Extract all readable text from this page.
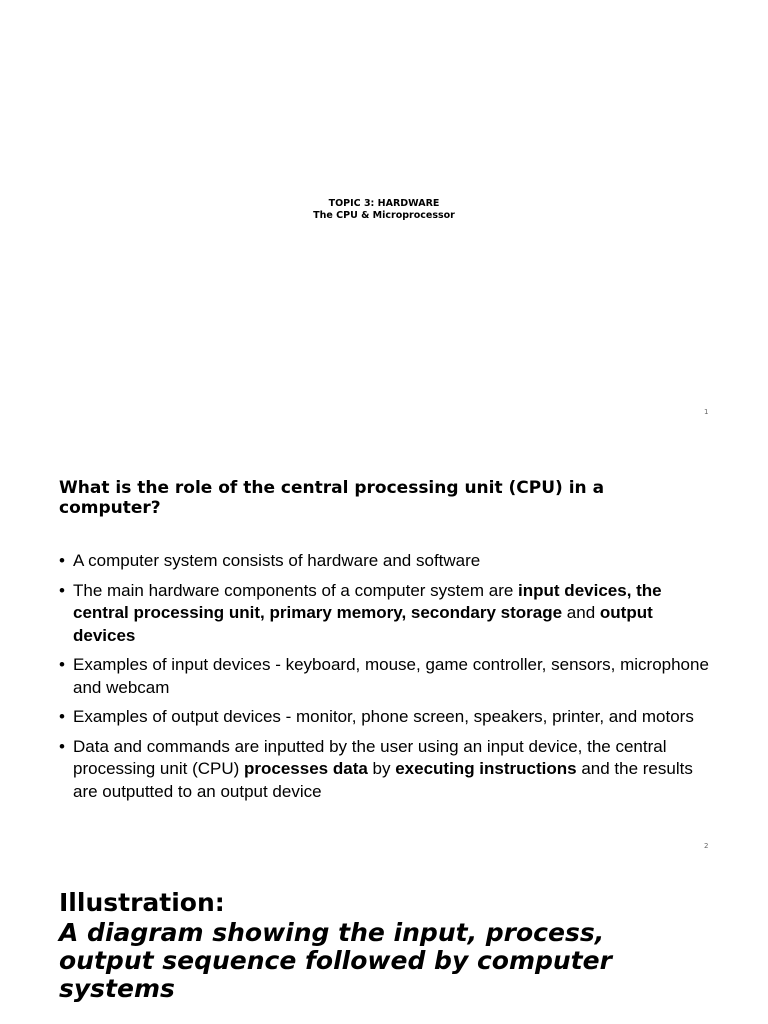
TOPIC 3: HARDWARE
The CPU & Microprocessor
1
What is the role of the central processing unit (CPU) in a computer?
• A computer system consists of hardware and software
• The main hardware components of a computer system are input devices, the central processing unit, primary memory, secondary storage and output devices
• Examples of input devices - keyboard, mouse, game controller, sensors, microphone and webcam
• Examples of output devices - monitor, phone screen, speakers, printer, and motors
• Data and commands are inputted by the user using an input device, the central processing unit (CPU) processes data by executing instructions and the results are outputted to an output device
2
Illustration:
A diagram showing the input, process, output sequence followed by computer systems
